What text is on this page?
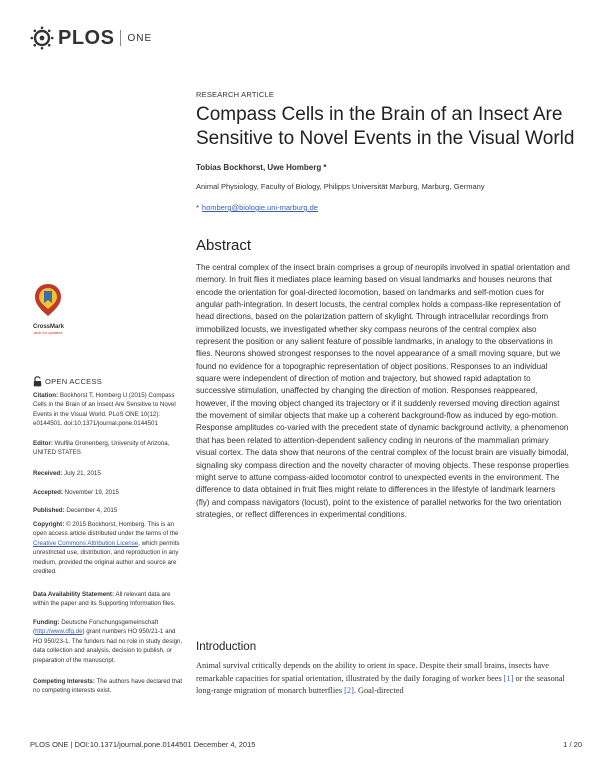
PLOS ONE
RESEARCH ARTICLE
Compass Cells in the Brain of an Insect Are Sensitive to Novel Events in the Visual World
Tobias Bockhorst, Uwe Homberg *
Animal Physiology, Faculty of Biology, Philipps Universität Marburg, Marburg, Germany
* homberg@biologie.uni-marburg.de
Abstract

The central complex of the insect brain comprises a group of neuropils involved in spatial orientation and memory. In fruit flies it mediates place learning based on visual landmarks and houses neurons that encode the orientation for goal-directed locomotion, based on landmarks and self-motion cues for angular path-integration. In desert locusts, the central complex holds a compass-like representation of head directions, based on the polarization pattern of skylight. Through intracellular recordings from immobilized locusts, we investigated whether sky compass neurons of the central complex also represent the position or any salient feature of possible landmarks, in analogy to the observations in flies. Neurons showed strongest responses to the novel appearance of a small moving square, but we found no evidence for a topographic representation of object positions. Responses to an individual square were independent of direction of motion and trajectory, but showed rapid adaptation to successive stimulation, unaffected by changing the direction of motion. Responses reappeared, however, if the moving object changed its trajectory or if it suddenly reversed moving direction against the movement of similar objects that make up a coherent background-flow as induced by ego-motion. Response amplitudes co-varied with the precedent state of dynamic background activity, a phenomenon that has been related to attention-dependent saliency coding in neurons of the mammalian primary visual cortex. The data show that neurons of the central complex of the locust brain are visually bimodal, signaling sky compass direction and the novelty character of moving objects. These response properties might serve to attune compass-aided locomotor control to unexpected events in the environment. The difference to data obtained in fruit flies might relate to differences in the lifestyle of landmark learners (fly) and compass navigators (locust), point to the existence of parallel networks for the two orientation strategies, or reflect differences in experimental conditions.

Introduction

Animal survival critically depends on the ability to orient in space. Despite their small brains, insects have remarkable capacities for spatial orientation, illustrated by the daily foraging of worker bees [1] or the seasonal long-range migration of monarch butterflies [2]. Goal-directed

CrossMark
click for updates
OPEN ACCESS

Citation: Bockhorst T, Homberg U (2015) Compass Cells in the Brain of an Insect Are Sensitive to Novel Events in the Visual World. PLoS ONE 10(12): e0144501. doi:10.1371/journal.pone.0144501

Editor: Wulfila Gronenberg, University of Arizona, UNITED STATES

Received: July 21, 2015

Accepted: November 19, 2015

Published: December 4, 2015

Copyright: © 2015 Bockhorst, Homberg. This is an open access article distributed under the terms of the Creative Commons Attribution License, which permits unrestricted use, distribution, and reproduction in any medium, provided the original author and source are credited.

Data Availability Statement: All relevant data are within the paper and its Supporting Information files.

Funding: Deutsche Forschungsgemeinschaft (http://www.dfg.de) grant numbers HO 950/21-1 and HO 950/23-1. The funders had no role in study design, data collection and analysis, decision to publish, or preparation of the manuscript.

Competing Interests: The authors have declared that no competing interests exist.

PLOS ONE | DOI:10.1371/journal.pone.0144501 December 4, 2015	1 / 20
